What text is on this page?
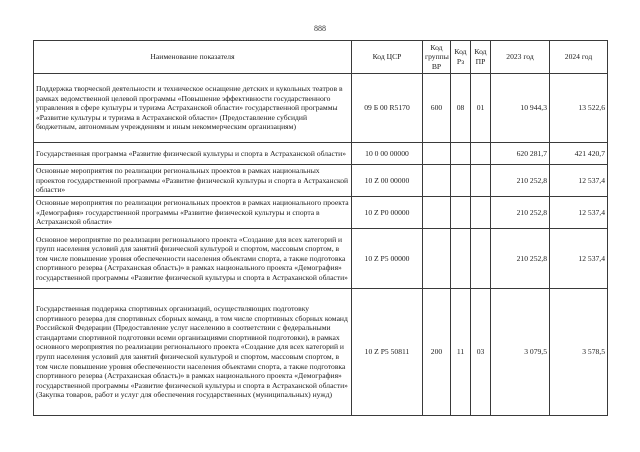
888
Наименование показателя	Код ЦСР	Код группы ВР	Код Рз	Код ПР	2023 год	2024 год
Поддержка творческой деятельности и техническое оснащение детских и кукольных театров в рамках ведомственной целевой программы «Повышение эффективности государственного управления в сфере культуры и туризма Астраханской области» государственной программы «Развитие культуры и туризма в Астраханской области» (Предоставление субсидий бюджетным, автономным учреждениям и иным некоммерческим организациям)	09 Б 00 R5170	600	08	01	10 944,3	13 522,6
Государственная программа «Развитие физической культуры и спорта в Астраханской области»	10 0 00 00000				620 281,7	421 420,7
Основные мероприятия по реализации региональных проектов в рамках национальных проектов государственной программы «Развитие физической культуры и спорта в Астраханской области»	10 Z 00 00000				210 252,8	12 537,4
Основные мероприятия по реализации региональных проектов в рамках национального проекта «Демография» государственной программы «Развитие физической культуры и спорта в Астраханской области»	10 Z P0 00000				210 252,8	12 537,4
Основное мероприятие по реализации регионального проекта «Создание для всех категорий и групп населения условий для занятий физической культурой и спортом, массовым спортом, в том числе повышение уровня обеспеченности населения объектами спорта, а также подготовка спортивного резерва (Астраханская область)» в рамках национального проекта «Демография» государственной программы «Развитие физической культуры и спорта в Астраханской области»	10 Z P5 00000				210 252,8	12 537,4
Государственная поддержка спортивных организаций, осуществляющих подготовку спортивного резерва для спортивных сборных команд, в том числе спортивных сборных команд Российской Федерации (Предоставление услуг населению в соответствии с федеральными стандартами спортивной подготовки всеми организациями спортивной подготовки), в рамках основного мероприятия по реализации регионального проекта «Создание для всех категорий и групп населения условий для занятий физической культурой и спортом, массовым спортом, в том числе повышение уровня обеспеченности населения объектами спорта, а также подготовка спортивного резерва (Астраханская область)» в рамках национального проекта «Демография» государственной программы «Развитие физической культуры и спорта в Астраханской области» (Закупка товаров, работ и услуг для обеспечения государственных (муниципальных) нужд)	10 Z P5 50811	200	11	03	3 079,5	3 578,5
